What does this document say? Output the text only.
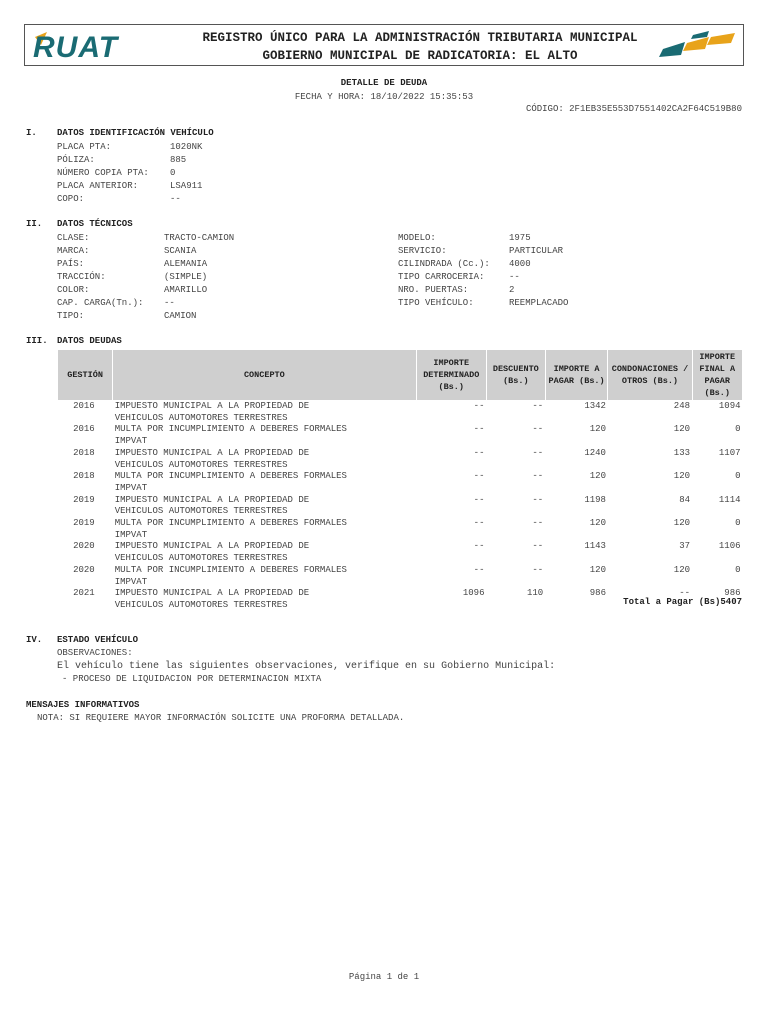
RUAT	REGISTRO ÚNICO PARA LA ADMINISTRACIÓN TRIBUTARIA MUNICIPAL
GOBIERNO MUNICIPAL DE RADICATORIA: EL ALTO
DETALLE DE DEUDA
FECHA Y HORA: 18/10/2022 15:35:53
CÓDIGO: 2F1EB35E553D7551402CA2F64C519B80
I. DATOS IDENTIFICACIÓN VEHÍCULO
PLACA PTA:	1020NK
PÓLIZA:	885
NÚMERO COPIA PTA: 0
PLACA ANTERIOR:	LSA911
COPO:	--
II. DATOS TÉCNICOS
CLASE:	TRACTO-CAMION
MARCA:	SCANIA
PAÍS:	ALEMANIA
TRACCIÓN:	(SIMPLE)
COLOR:	AMARILLO
CAP. CARGA(Tn.): --
TIPO:	CAMION
MODELO:	1975
SERVICIO:	PARTICULAR
CILINDRADA (Cc.): 4000
TIPO CARROCERIA:	--
NRO. PUERTAS:	2
TIPO VEHÍCULO:	REEMPLACADO
III. DATOS DEUDAS
GESTIÓN	CONCEPTO	IMPORTE DETERMINADO (Bs.)	DESCUENTO (Bs.)	IMPORTE A PAGAR (Bs.)	CONDONACIONES / OTROS (Bs.)	IMPORTE FINAL A PAGAR (Bs.)
2016	IMPUESTO MUNICIPAL A LA PROPIEDAD DE
VEHICULOS AUTOMOTORES TERRESTRES	--	--	1342	248	1094
2016	MULTA POR INCUMPLIMIENTO A DEBERES FORMALES
IMPVAT	--	--	120	120	0
2018	IMPUESTO MUNICIPAL A LA PROPIEDAD DE
VEHICULOS AUTOMOTORES TERRESTRES	--	--	1240	133	1107
2018	MULTA POR INCUMPLIMIENTO A DEBERES FORMALES
IMPVAT	--	--	120	120	0
2019	IMPUESTO MUNICIPAL A LA PROPIEDAD DE
VEHICULOS AUTOMOTORES TERRESTRES	--	--	1198	84	1114
2019	MULTA POR INCUMPLIMIENTO A DEBERES FORMALES
IMPVAT	--	--	120	120	0
2020	IMPUESTO MUNICIPAL A LA PROPIEDAD DE
VEHICULOS AUTOMOTORES TERRESTRES	--	--	1143	37	1106
2020	MULTA POR INCUMPLIMIENTO A DEBERES FORMALES
IMPVAT	--	--	120	120	0
2021	IMPUESTO MUNICIPAL A LA PROPIEDAD DE
VEHICULOS AUTOMOTORES TERRESTRES	1096	110	986	--	986
Total a Pagar (Bs)5407
IV. ESTADO VEHÍCULO
OBSERVACIONES:
El vehículo tiene las siguientes observaciones, verifique en su Gobierno Municipal:
- PROCESO DE LIQUIDACION POR DETERMINACION MIXTA
MENSAJES INFORMATIVOS
NOTA: SI REQUIERE MAYOR INFORMACIÓN SOLICITE UNA PROFORMA DETALLADA.
Página 1 de 1
